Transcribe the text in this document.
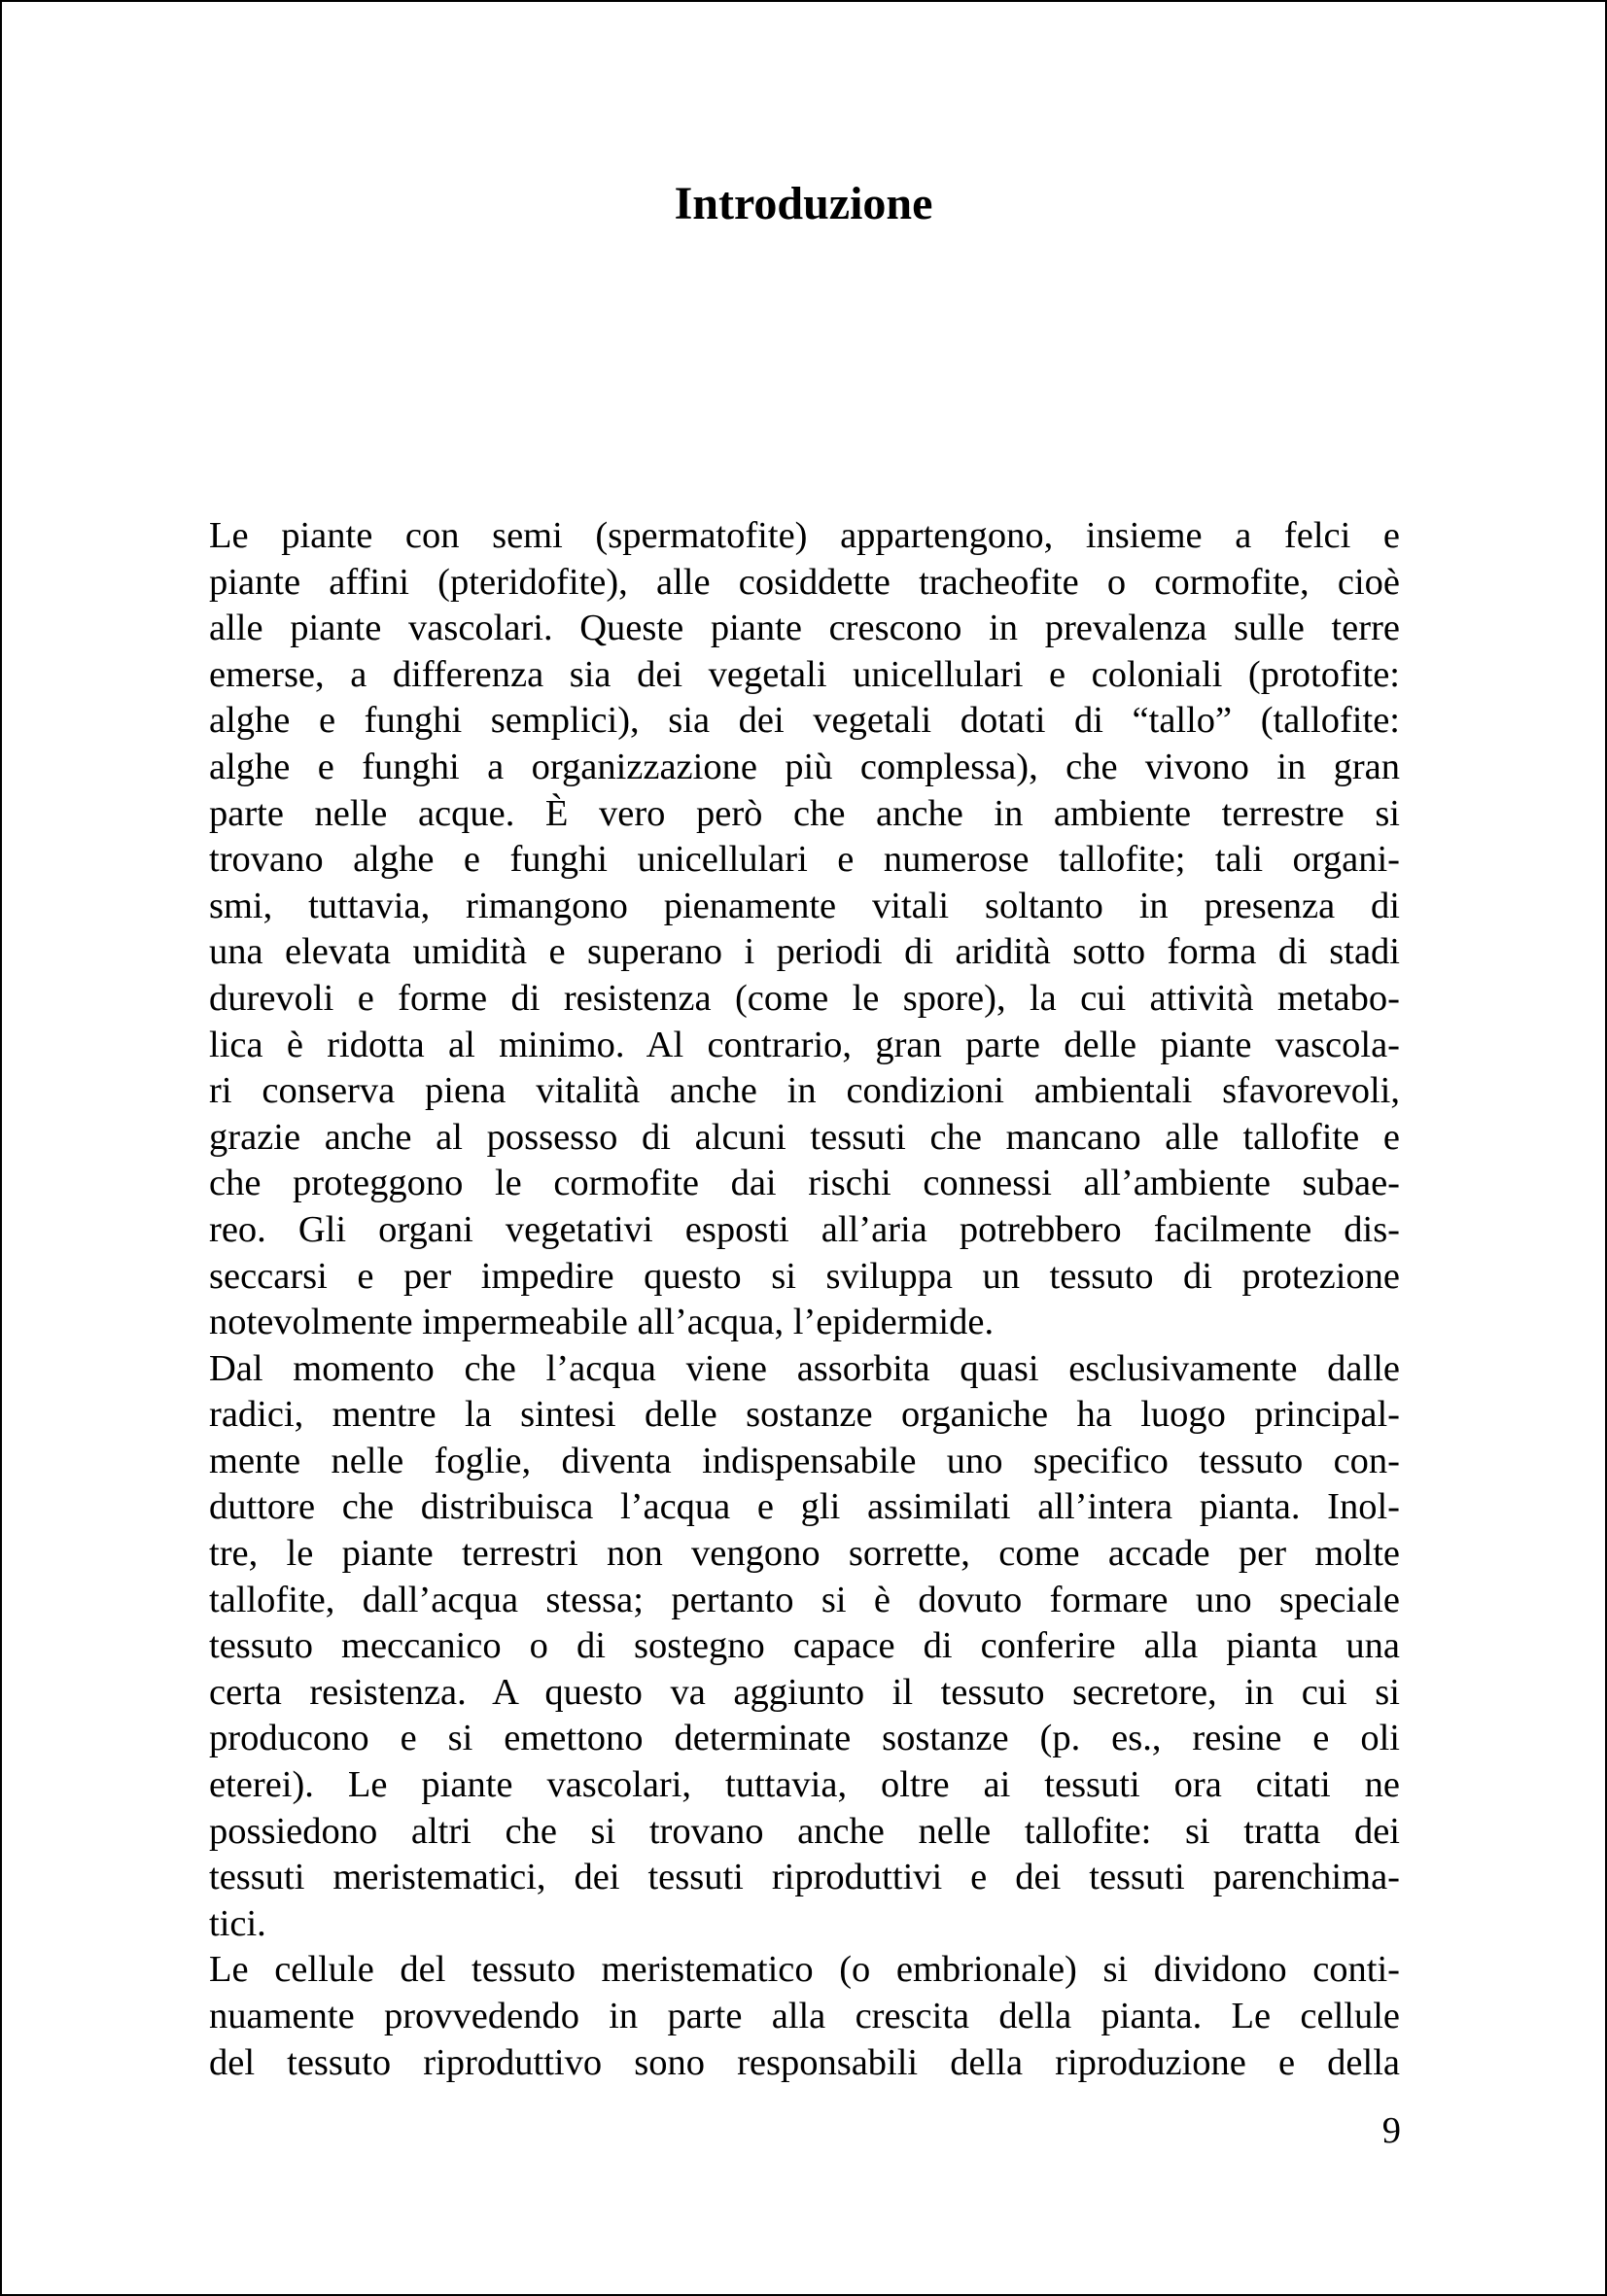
Introduzione
Le piante con semi (spermatofite) appartengono, insieme a felci e
piante affini (pteridofite), alle cosiddette tracheofite o cormofite, cioè
alle piante vascolari. Queste piante crescono in prevalenza sulle terre
emerse, a differenza sia dei vegetali unicellulari e coloniali (protofite:
alghe e funghi semplici), sia dei vegetali dotati di “tallo” (tallofite:
alghe e funghi a organizzazione più complessa), che vivono in gran
parte nelle acque. È vero però che anche in ambiente terrestre si
trovano alghe e funghi unicellulari e numerose tallofite; tali organi-
smi, tuttavia, rimangono pienamente vitali soltanto in presenza di
una elevata umidità e superano i periodi di aridità sotto forma di stadi
durevoli e forme di resistenza (come le spore), la cui attività metabo-
lica è ridotta al minimo. Al contrario, gran parte delle piante vascola-
ri conserva piena vitalità anche in condizioni ambientali sfavorevoli,
grazie anche al possesso di alcuni tessuti che mancano alle tallofite e
che proteggono le cormofite dai rischi connessi all’ambiente subae-
reo. Gli organi vegetativi esposti all’aria potrebbero facilmente dis-
seccarsi e per impedire questo si sviluppa un tessuto di protezione
notevolmente impermeabile all’acqua, l’epidermide.
Dal momento che l’acqua viene assorbita quasi esclusivamente dalle
radici, mentre la sintesi delle sostanze organiche ha luogo principal-
mente nelle foglie, diventa indispensabile uno specifico tessuto con-
duttore che distribuisca l’acqua e gli assimilati all’intera pianta. Inol-
tre, le piante terrestri non vengono sorrette, come accade per molte
tallofite, dall’acqua stessa; pertanto si è dovuto formare uno speciale
tessuto meccanico o di sostegno capace di conferire alla pianta una
certa resistenza. A questo va aggiunto il tessuto secretore, in cui si
producono e si emettono determinate sostanze (p. es., resine e oli
eterei). Le piante vascolari, tuttavia, oltre ai tessuti ora citati ne
possiedono altri che si trovano anche nelle tallofite: si tratta dei
tessuti meristematici, dei tessuti riproduttivi e dei tessuti parenchima-
tici.
Le cellule del tessuto meristematico (o embrionale) si dividono conti-
nuamente provvedendo in parte alla crescita della pianta. Le cellule
del tessuto riproduttivo sono responsabili della riproduzione e della
9
